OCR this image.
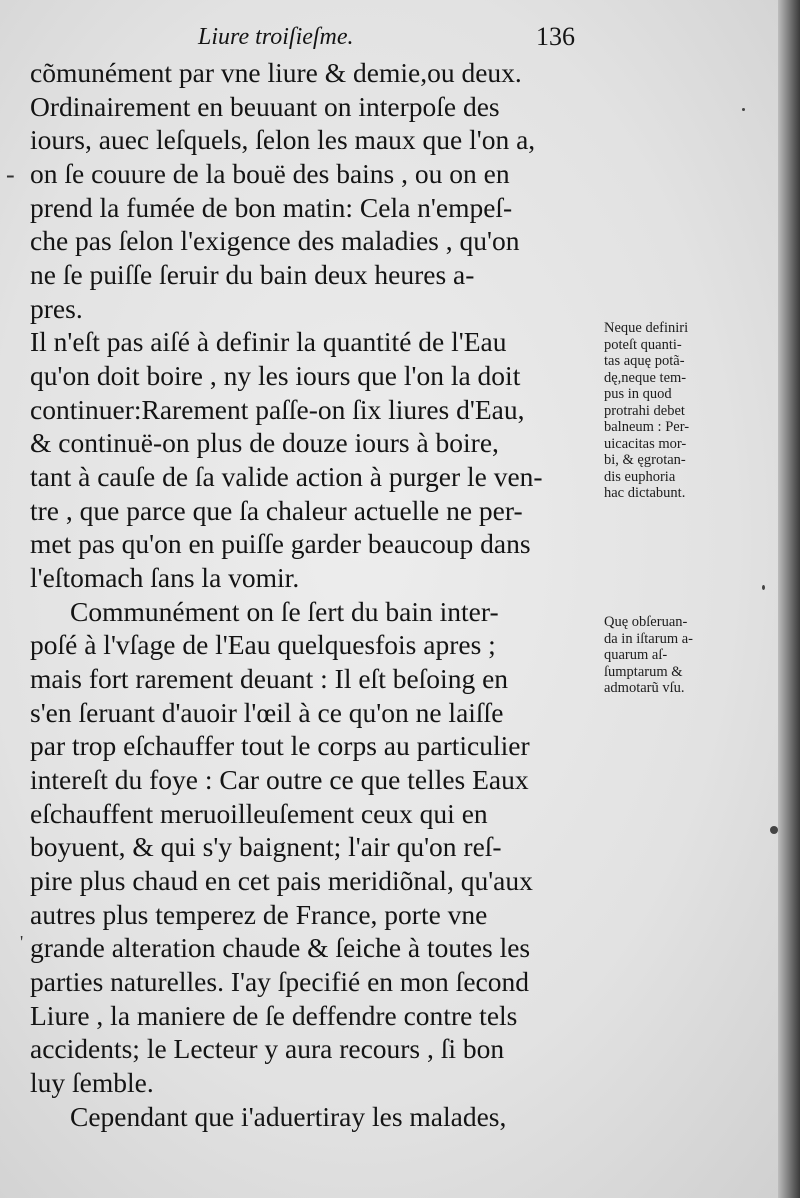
Liure troiſieſme.	136
cõmunément par vne liure & demie,ou deux.
Ordinairement en beuuant on interpoſe des
iours, auec leſquels, ſelon les maux que l'on a,
on ſe couure de la bouë des bains , ou on en
prend la fumée de bon matin: Cela n'empeſ-
che pas ſelon l'exigence des maladies , qu'on
ne ſe puiſſe ſeruir du bain deux heures a-
pres.
Il n'eſt pas aiſé à definir la quantité de l'Eau
qu'on doit boire , ny les iours que l'on la doit
continuer:Rarement paſſe-on ſix liures d'Eau,
& continuë-on plus de douze iours à boire,
tant à cauſe de ſa valide action à purger le ven-
tre , que parce que ſa chaleur actuelle ne per-
met pas qu'on en puiſſe garder beaucoup dans
l'eſtomach ſans la vomir.
Communément on ſe ſert du bain inter-
poſé à l'vſage de l'Eau quelquesfois apres ;
mais fort rarement deuant : Il eſt beſoing en
s'en ſeruant d'auoir l'œil à ce qu'on ne laiſſe
par trop eſchauffer tout le corps au particulier
intereſt du foye : Car outre ce que telles Eaux
eſchauffent meruoilleuſement ceux qui en
boyuent, & qui s'y baignent; l'air qu'on reſ-
pire plus chaud en cet pais meridiõnal, qu'aux
autres plus temperez de France, porte vne
grande alteration chaude & ſeiche à toutes les
parties naturelles. I'ay ſpecifié en mon ſecond
Liure , la maniere de ſe deffendre contre tels
accidents; le Lecteur y aura recours , ſi bon
luy ſemble.
Cependant que i'aduertiray les malades,
Neque definiri
poteſt quanti-
tas aquę potã-
dę,neque tem-
pus in quod
protrahi debet
balneum : Per-
uicacitas mor-
bi, & ęgrotan-
dis euphoria
hac dictabunt.
Quę obſeruan-
da in iſtarum a-
quarum aſ-
ſumptarum &
admotarũ vſu.
-
'
